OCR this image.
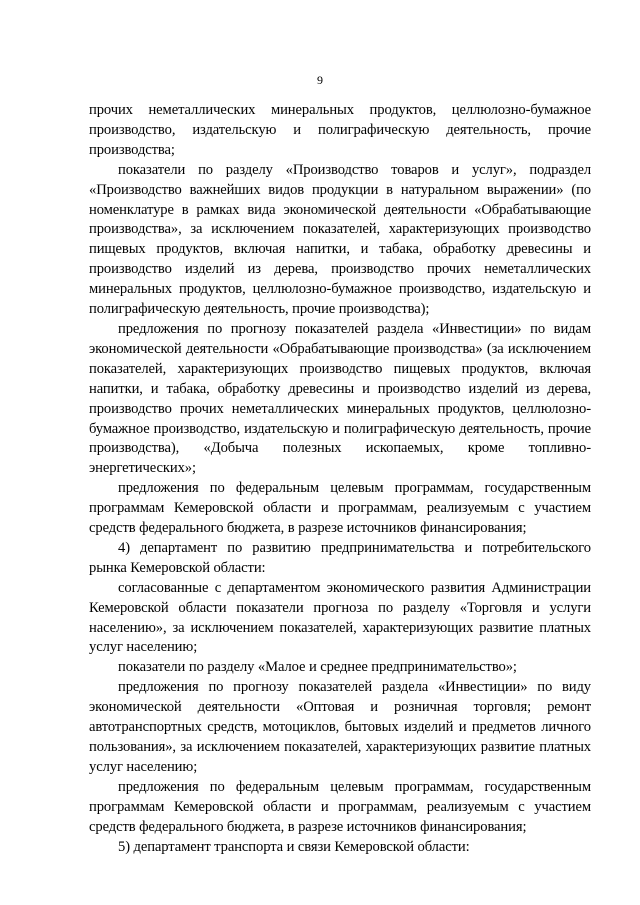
9

прочих неметаллических минеральных продуктов, целлюлозно-бумажное производство, издательскую и полиграфическую деятельность, прочие производства;

показатели по разделу «Производство товаров и услуг», подраздел «Производство важнейших видов продукции в натуральном выражении» (по номенклатуре в рамках вида экономической деятельности «Обрабатывающие производства», за исключением показателей, характеризующих производство пищевых продуктов, включая напитки, и табака, обработку древесины и производство изделий из дерева, производство прочих неметаллических минеральных продуктов, целлюлозно-бумажное производство, издательскую и полиграфическую деятельность, прочие производства);

предложения по прогнозу показателей раздела «Инвестиции» по видам экономической деятельности «Обрабатывающие производства» (за исключением показателей, характеризующих производство пищевых продуктов, включая напитки, и табака, обработку древесины и производство изделий из дерева, производство прочих неметаллических минеральных продуктов, целлюлозно-бумажное производство, издательскую и полиграфическую деятельность, прочие производства), «Добыча полезных ископаемых, кроме топливно-энергетических»;

предложения по федеральным целевым программам, государственным программам Кемеровской области и программам, реализуемым с участием средств федерального бюджета, в разрезе источников финансирования;

4) департамент по развитию предпринимательства и потребительского рынка Кемеровской области:

согласованные с департаментом экономического развития Администрации Кемеровской области показатели прогноза по разделу «Торговля и услуги населению», за исключением показателей, характеризующих развитие платных услуг населению;

показатели по разделу «Малое и среднее предпринимательство»;

предложения по прогнозу показателей раздела «Инвестиции» по виду экономической деятельности «Оптовая и розничная торговля; ремонт автотранспортных средств, мотоциклов, бытовых изделий и предметов личного пользования», за исключением показателей, характеризующих развитие платных услуг населению;

предложения по федеральным целевым программам, государственным программам Кемеровской области и программам, реализуемым с участием средств федерального бюджета, в разрезе источников финансирования;

5) департамент транспорта и связи Кемеровской области:
